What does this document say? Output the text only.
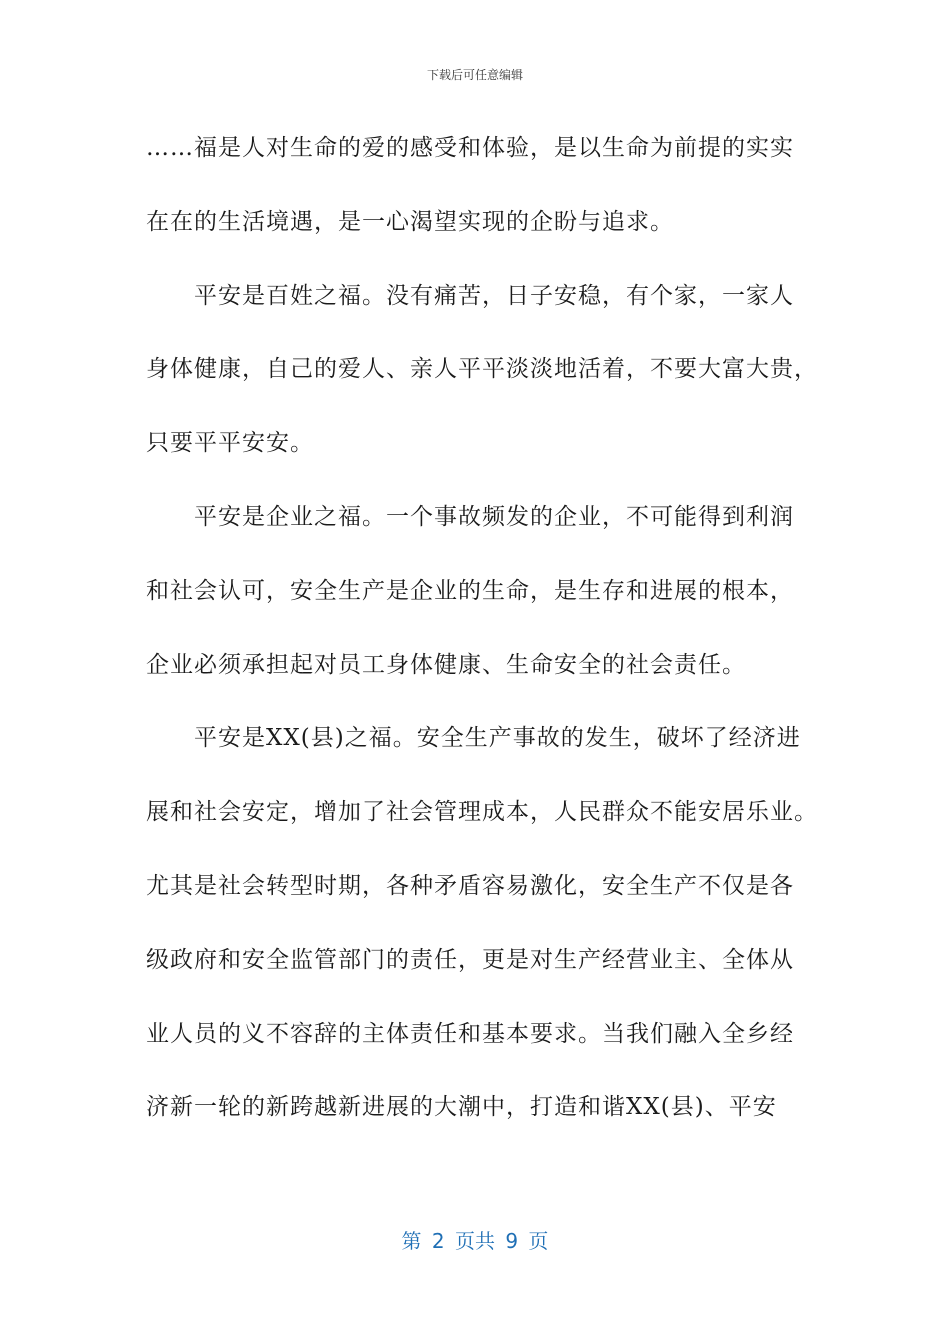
下载后可任意编辑
……福是人对生命的爱的感受和体验，是以生命为前提的实实
在在的生活境遇，是一心渴望实现的企盼与追求。
平安是百姓之福。没有痛苦，日子安稳，有个家，一家人
身体健康，自己的爱人、亲人平平淡淡地活着，不要大富大贵，
只要平平安安。
平安是企业之福。一个事故频发的企业，不可能得到利润
和社会认可，安全生产是企业的生命，是生存和进展的根本，
企业必须承担起对员工身体健康、生命安全的社会责任。
平安是XX(县)之福。安全生产事故的发生，破坏了经济进
展和社会安定，增加了社会管理成本，人民群众不能安居乐业。
尤其是社会转型时期，各种矛盾容易激化，安全生产不仅是各
级政府和安全监管部门的责任，更是对生产经营业主、全体从
业人员的义不容辞的主体责任和基本要求。当我们融入全乡经
济新一轮的新跨越新进展的大潮中，打造和谐XX(县)、平安
第 2 页共 9 页
